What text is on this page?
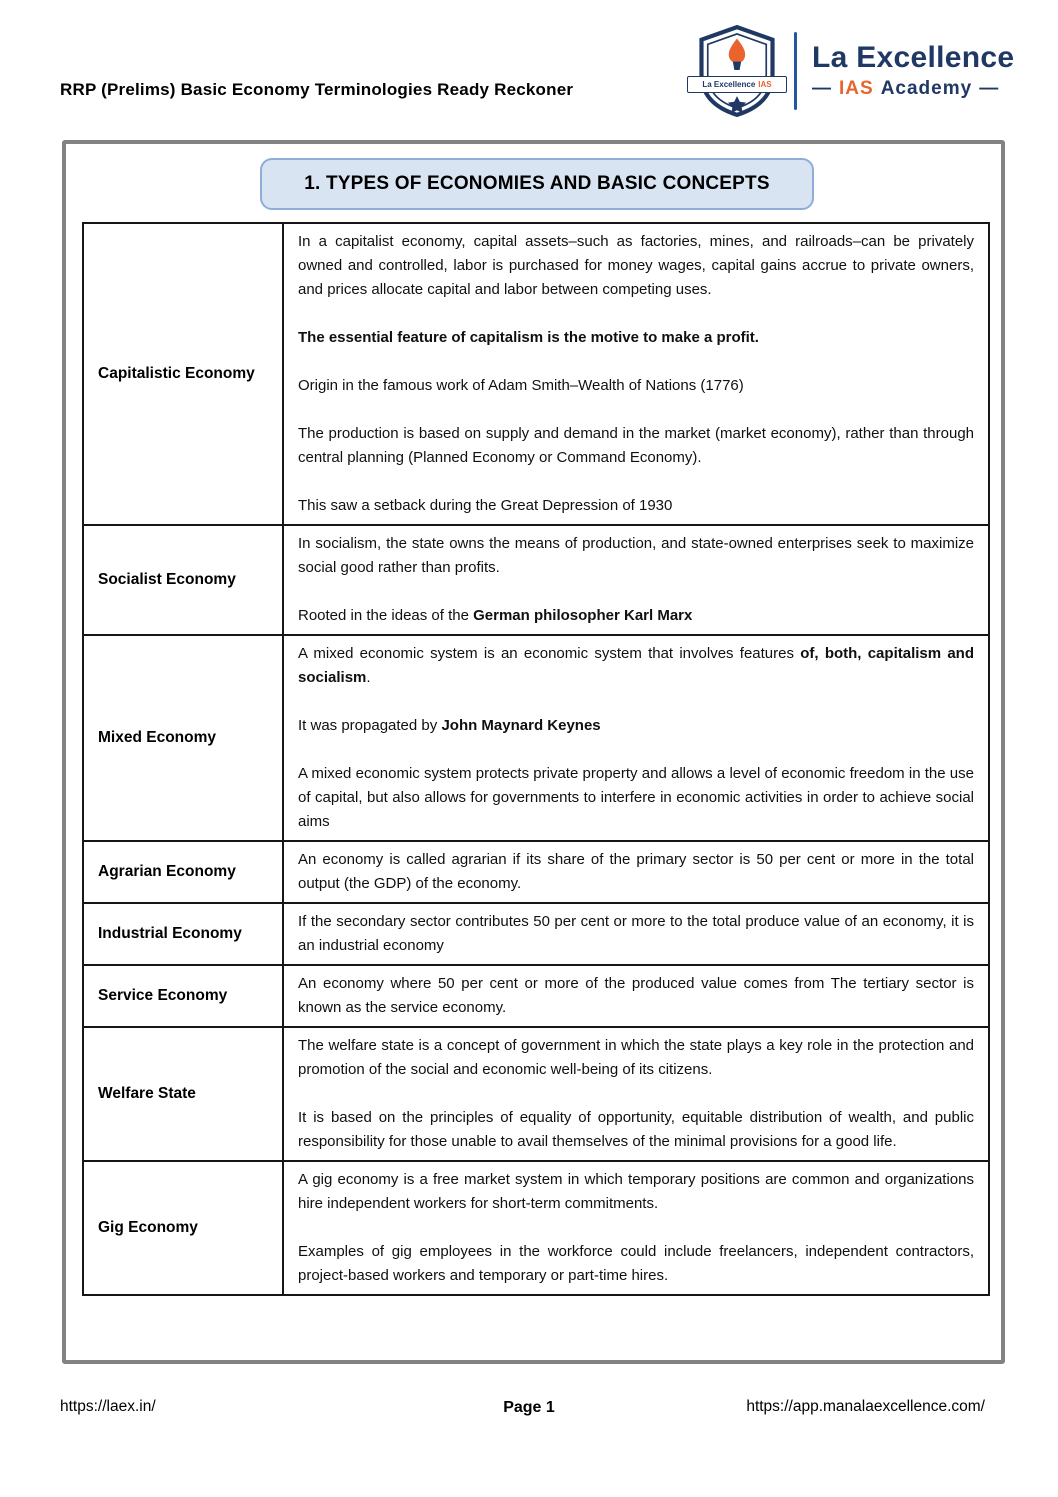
RRP (Prelims) Basic Economy Terminologies Ready Reckoner	La Excellence IAS
La Excellence
— IAS Academy —
1. TYPES OF ECONOMIES AND BASIC CONCEPTS
Capitalistic Economy	In a capitalist economy, capital assets–such as factories, mines, and railroads–can be privately owned and controlled, labor is purchased for money wages, capital gains accrue to private owners, and prices allocate capital and labor between competing uses.

The essential feature of capitalism is the motive to make a profit.

Origin in the famous work of Adam Smith–Wealth of Nations (1776)

The production is based on supply and demand in the market (market economy), rather than through central planning (Planned Economy or Command Economy).

This saw a setback during the Great Depression of 1930

Socialist Economy	In socialism, the state owns the means of production, and state-owned enterprises seek to maximize social good rather than profits.

Rooted in the ideas of the German philosopher Karl Marx

Mixed Economy	A mixed economic system is an economic system that involves features of, both, capitalism and socialism.

It was propagated by John Maynard Keynes

A mixed economic system protects private property and allows a level of economic freedom in the use of capital, but also allows for governments to interfere in economic activities in order to achieve social aims

Agrarian Economy	An economy is called agrarian if its share of the primary sector is 50 per cent or more in the total output (the GDP) of the economy.

Industrial Economy	If the secondary sector contributes 50 per cent or more to the total produce value of an economy, it is an industrial economy

Service Economy	An economy where 50 per cent or more of the produced value comes from The tertiary sector is known as the service economy.

Welfare State	The welfare state is a concept of government in which the state plays a key role in the protection and promotion of the social and economic well-being of its citizens.

It is based on the principles of equality of opportunity, equitable distribution of wealth, and public responsibility for those unable to avail themselves of the minimal provisions for a good life.

Gig Economy	A gig economy is a free market system in which temporary positions are common and organizations hire independent workers for short-term commitments.

Examples of gig employees in the workforce could include freelancers, independent contractors, project-based workers and temporary or part-time hires.

https://laex.in/	Page 1	https://app.manalaexcellence.com/
